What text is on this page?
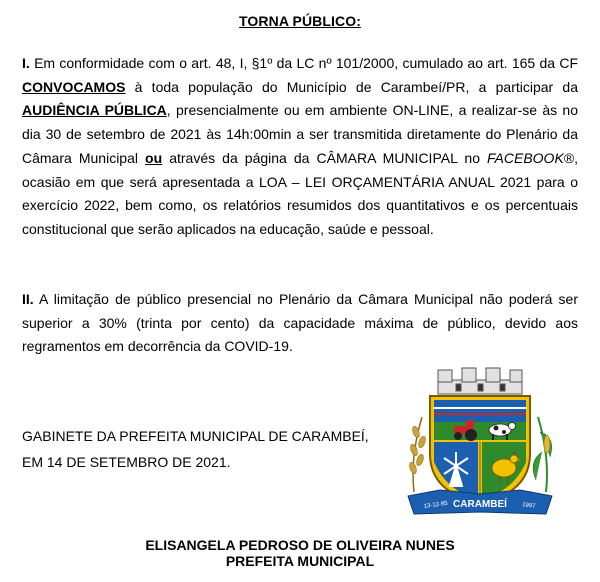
TORNA PÚBLICO:

I. Em conformidade com o art. 48, I, §1º da LC nº 101/2000, cumulado ao art. 165 da CF CONVOCAMOS à toda população do Município de Carambeí/PR, a participar da AUDIÊNCIA PÚBLICA, presencialmente ou em ambiente ON-LINE, a realizar-se às no dia 30 de setembro de 2021 às 14h:00min a ser transmitida diretamente do Plenário da Câmara Municipal ou através da página da CÂMARA MUNICIPAL no FACEBOOK®, ocasião em que será apresentada a LOA – LEI ORÇAMENTÁRIA ANUAL 2021 para o exercício 2022, bem como, os relatórios resumidos dos quantitativos e os percentuais constitucional que serão aplicados na educação, saúde e pessoal.

II. A limitação de público presencial no Plenário da Câmara Municipal não poderá ser superior a 30% (trinta por cento) da capacidade máxima de público, devido aos regramentos em decorrência da COVID-19.

GABINETE DA PREFEITA MUNICIPAL DE CARAMBEÍ,
EM 14 DE SETEMBRO DE 2021.
ELISANGELA PEDROSO DE OLIVEIRA NUNES
PREFEITA MUNICIPAL
13-12-95 CARAMBEÍ 1997
